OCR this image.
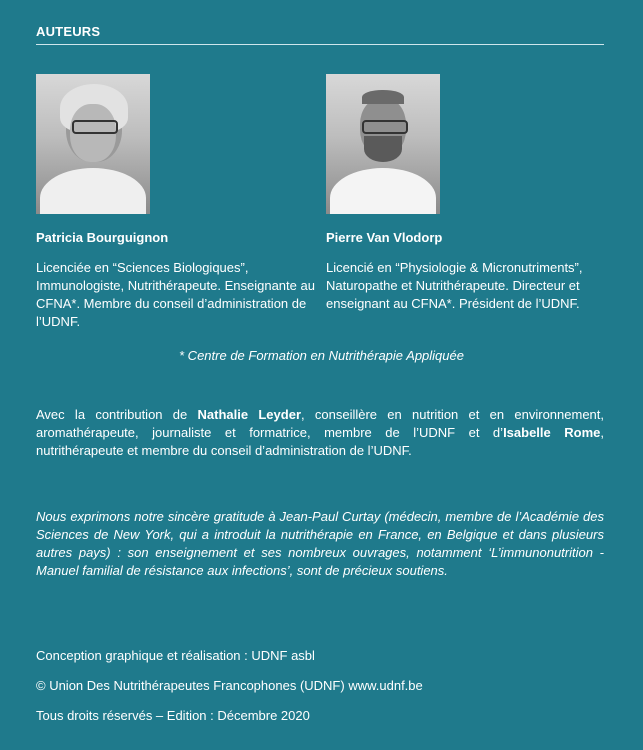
AUTEURS
Patricia Bourguignon
Licenciée en “Sciences Biologiques”, Immunologiste, Nutrithérapeute. Enseignante au CFNA*. Membre du conseil d’administration de l’UDNF.
Pierre Van Vlodorp
Licencié en “Physiologie & Micronutriments”, Naturopathe et Nutrithérapeute. Directeur et enseignant au CFNA*. Président de l’UDNF.
* Centre de Formation en Nutrithérapie Appliquée
Avec la contribution de Nathalie Leyder, conseillère en nutrition et en environnement, aromathérapeute, journaliste et formatrice, membre de l’UDNF et d’Isabelle Rome, nutrithérapeute et membre du conseil d’administration de l’UDNF.
Nous exprimons notre sincère gratitude à Jean-Paul Curtay (médecin, membre de l’Académie des Sciences de New York, qui a introduit la nutrithérapie en France, en Belgique et dans plusieurs autres pays) : son enseignement et ses nombreux ouvrages, notamment ‘L’immunonutrition - Manuel familial de résistance aux infections’, sont de précieux soutiens.
Conception graphique et réalisation : UDNF asbl
© Union Des Nutrithérapeutes Francophones (UDNF) www.udnf.be
Tous droits réservés – Edition : Décembre 2020
